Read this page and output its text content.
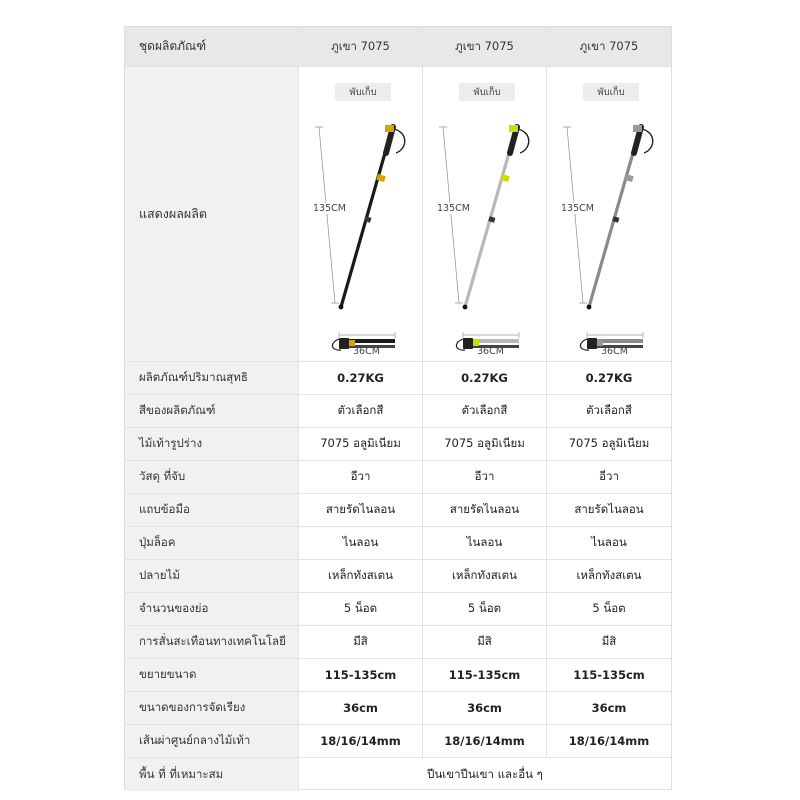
ชุดผลิตภัณฑ์	ภูเขา 7075	ภูเขา 7075	ภูเขา 7075
แสดงผลผลิต
พับเก็บ
135CM
36CM
พับเก็บ
135CM
36CM
พับเก็บ
135CM
36CM
ผลิตภัณฑ์ปริมาณสุทธิ	0.27KG	0.27KG	0.27KG
สีของผลิตภัณฑ์	ตัวเลือกสี	ตัวเลือกสี	ตัวเลือกสี
ไม้เท้ารูปร่าง	7075 อลูมิเนียม	7075 อลูมิเนียม	7075 อลูมิเนียม
วัสดุ ที่จับ	อีวา	อีวา	อีวา
แถบข้อมือ	สายรัดไนลอน	สายรัดไนลอน	สายรัดไนลอน
ปุ่มล็อค	ไนลอน	ไนลอน	ไนลอน
ปลายไม้	เหล็กทังสเตน	เหล็กทังสเตน	เหล็กทังสเตน
จำนวนของย่อ	5 น็อต	5 น็อต	5 น็อต
การสั่นสะเทือนทางเทคโนโลยี	มีสิ	มีสิ	มีสิ
ขยายขนาด	115-135cm	115-135cm	115-135cm
ขนาดของการจัดเรียง	36cm	36cm	36cm
เส้นผ่าศูนย์กลางไม้เท้า	18/16/14mm	18/16/14mm	18/16/14mm
พื้น ที่ ที่เหมาะสม	ปีนเขาปีนเขา และอื่น ๆ
